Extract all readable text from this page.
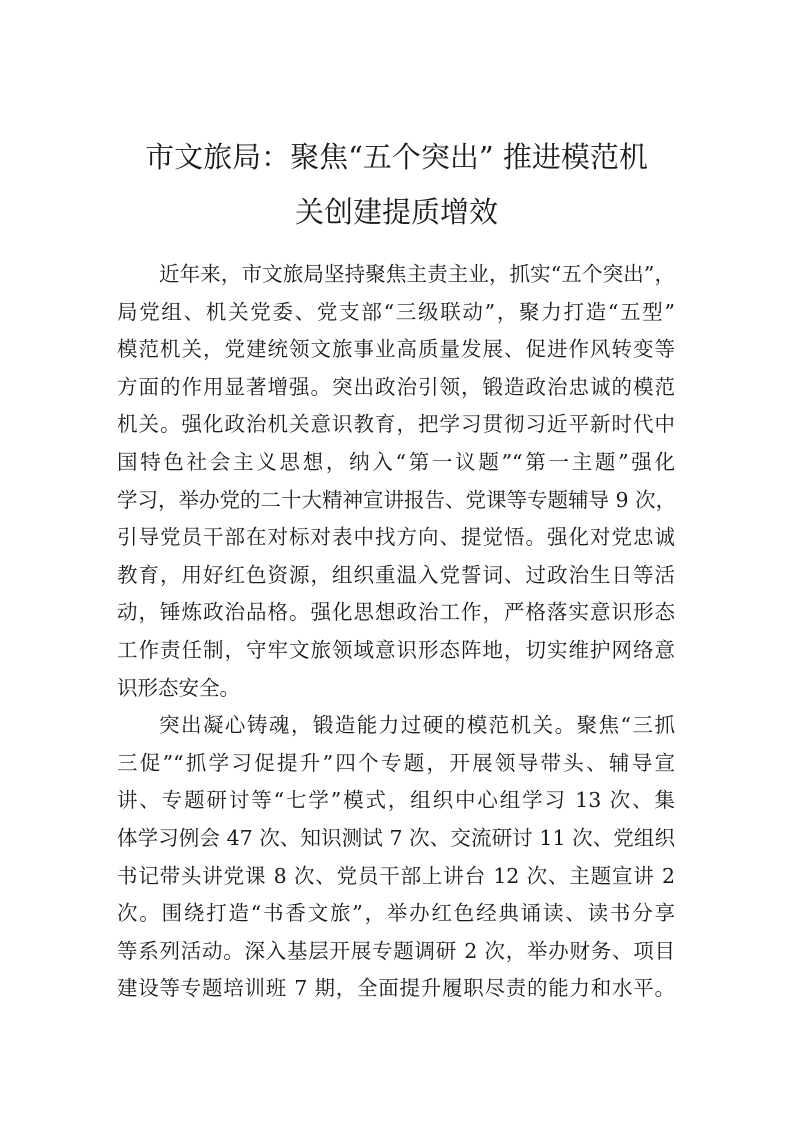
市文旅局：聚焦“五个突出” 推进模范机
关创建提质增效
近年来，市文旅局坚持聚焦主责主业，抓实“五个突出”，
局党组、机关党委、党支部“三级联动”，聚力打造“五型”
模范机关，党建统领文旅事业高质量发展、促进作风转变等
方面的作用显著增强。突出政治引领，锻造政治忠诚的模范
机关。强化政治机关意识教育，把学习贯彻习近平新时代中
国特色社会主义思想，纳入“第一议题”“第一主题”强化
学习，举办党的二十大精神宣讲报告、党课等专题辅导 9 次，
引导党员干部在对标对表中找方向、提觉悟。强化对党忠诚
教育，用好红色资源，组织重温入党誓词、过政治生日等活
动，锤炼政治品格。强化思想政治工作，严格落实意识形态
工作责任制，守牢文旅领域意识形态阵地，切实维护网络意
识形态安全。
突出凝心铸魂，锻造能力过硬的模范机关。聚焦“三抓
三促”“抓学习促提升”四个专题，开展领导带头、辅导宣
讲、专题研讨等“七学”模式，组织中心组学习 13 次、集
体学习例会 47 次、知识测试 7 次、交流研讨 11 次、党组织
书记带头讲党课 8 次、党员干部上讲台 12 次、主题宣讲 2
次。围绕打造“书香文旅”，举办红色经典诵读、读书分享
等系列活动。深入基层开展专题调研 2 次，举办财务、项目
建设等专题培训班 7 期，全面提升履职尽责的能力和水平。
